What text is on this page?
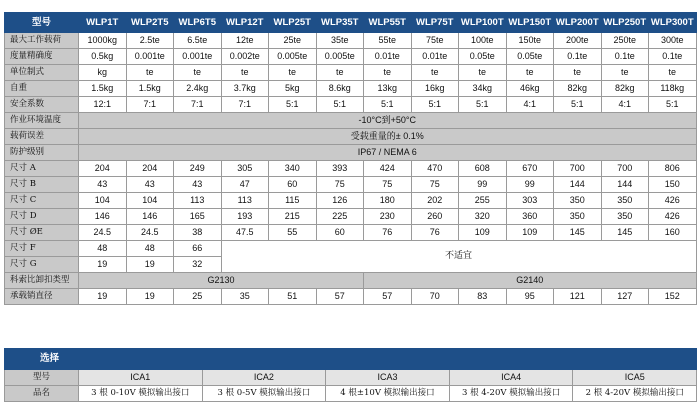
型号	WLP1T	WLP2T5	WLP6T5	WLP12T	WLP25T	WLP35T	WLP55T	WLP75T	WLP100T	WLP150T	WLP200T	WLP250T	WLP300T
最大工作载荷	1000kg	2.5te	6.5te	12te	25te	35te	55te	75te	100te	150te	200te	250te	300te
度量精确度	0.5kg	0.001te	0.001te	0.002te	0.005te	0.005te	0.01te	0.01te	0.05te	0.05te	0.1te	0.1te	0.1te
单位制式	kg	te	te	te	te	te	te	te	te	te	te	te	te
自重	1.5kg	1.5kg	2.4kg	3.7kg	5kg	8.6kg	13kg	16kg	34kg	46kg	82kg	82kg	118kg
安全系数	12:1	7:1	7:1	7:1	5:1	5:1	5:1	5:1	5:1	4:1	5:1	4:1	5:1
作业环境温度	-10°C到+50°C												
载荷误差	受载重量的± 0.1%												
防护级别	IP67 / NEMA 6												
尺寸 A	204	204	249	305	340	393	424	470	608	670	700	700	806
尺寸 B	43	43	43	47	60	75	75	75	99	99	144	144	150
尺寸 C	104	104	113	113	115	126	180	202	255	303	350	350	426
尺寸 D	146	146	165	193	215	225	230	260	320	360	350	350	426
尺寸 ØE	24.5	24.5	38	47.5	55	60	76	76	109	109	145	145	160
尺寸 F	48	48	66	不适宜									
尺寸 G	19	19	32										
科索比卸扣类型	G2130						G2140						
承载销直径	19	19	25	35	51	57	57	70	83	95	121	127	152
选择					
型号	ICA1	ICA2	ICA3	ICA4	ICA5
品名	3 根 0-10V 模拟输出接口	3 根 0-5V 模拟输出接口	4 根±10V 模拟输出接口	3 根 4-20V 模拟输出接口	2 根 4-20V 模拟输出接口
